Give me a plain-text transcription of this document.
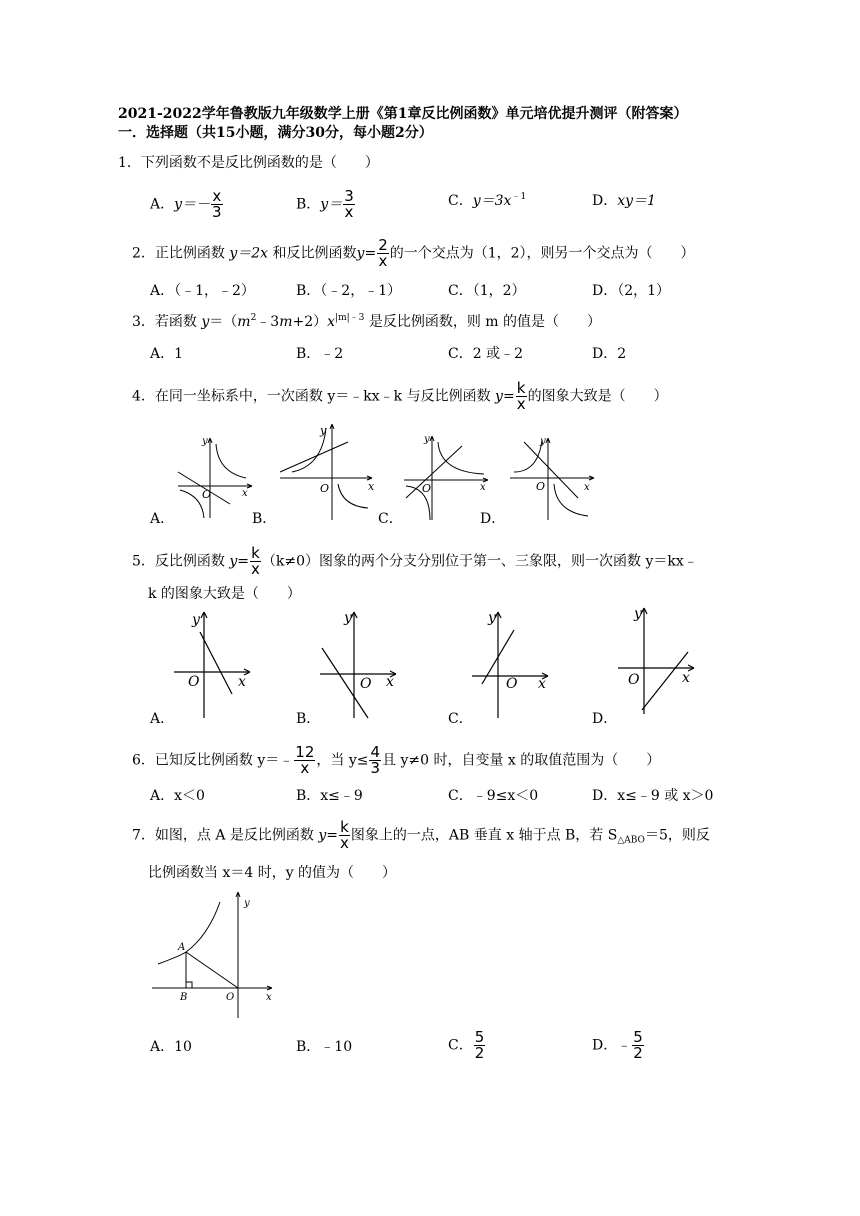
2021-2022学年鲁教版九年级数学上册《第1章反比例函数》单元培优提升测评（附答案）
一．选择题（共15小题，满分30分，每小题2分）
1．下列函数不是反比例函数的是（　　）
A．$y=- \frac{x}{3}$	B．$y= \frac{3}{x}$	C．$y=3x^{﹣1}$	D．xy＝1
2．正比例函数 y＝2x 和反比例函数$y= \frac{2}{x}$ 的一个交点为（1，2），则另一个交点为（　　）
A．（﹣1，﹣2）	B．（﹣2，﹣1）	C．（1，2）	D．（2，1）
3．若函数 $y=(m^2﹣3m+2)x^{|m|﹣3}$ 是反比例函数，则 m 的值是（　　）
A．1	B．﹣2	C．2 或﹣2	D．2
4．在同一坐标系中，一次函数 y＝﹣kx﹣k 与反比例函数 $y= \frac{k}{x}$ 的图象大致是（　　）
y
O	x
y
O	x
y
O	x
y
O	x
A．	B．	C．	D．
5．反比例函数 $y= \frac{k}{x} (k\ne 0)$图象的两个分支分别位于第一、三象限，则一次函数 y＝kx﹣
k 的图象大致是（　　）
y
O	x
y
O x
y
O x
y
O	x
A．	B．	C．	D．
6．已知反比例函数 y＝﹣ $\frac{12}{x}$ ，当 $y\le \frac{4}{3}$ 且 y≠0 时，自变量 x 的取值范围为（　　）
A．x＜0	B．x≤﹣9	C．﹣9≤x＜0	D．x≤﹣9 或 x＞0
7．如图，点 A 是反比例函数 $y= \frac{k}{x}$ 图象上的一点，AB 垂直 x 轴于点 B，若 $S_{\triangle ABO}=5$，则反
比例函数当 x＝4 时，y 的值为（　　）
A
B	O
y
x
A．10	B．﹣10	C． $\frac{5}{2}$	D．﹣ $\frac{5}{2}$
